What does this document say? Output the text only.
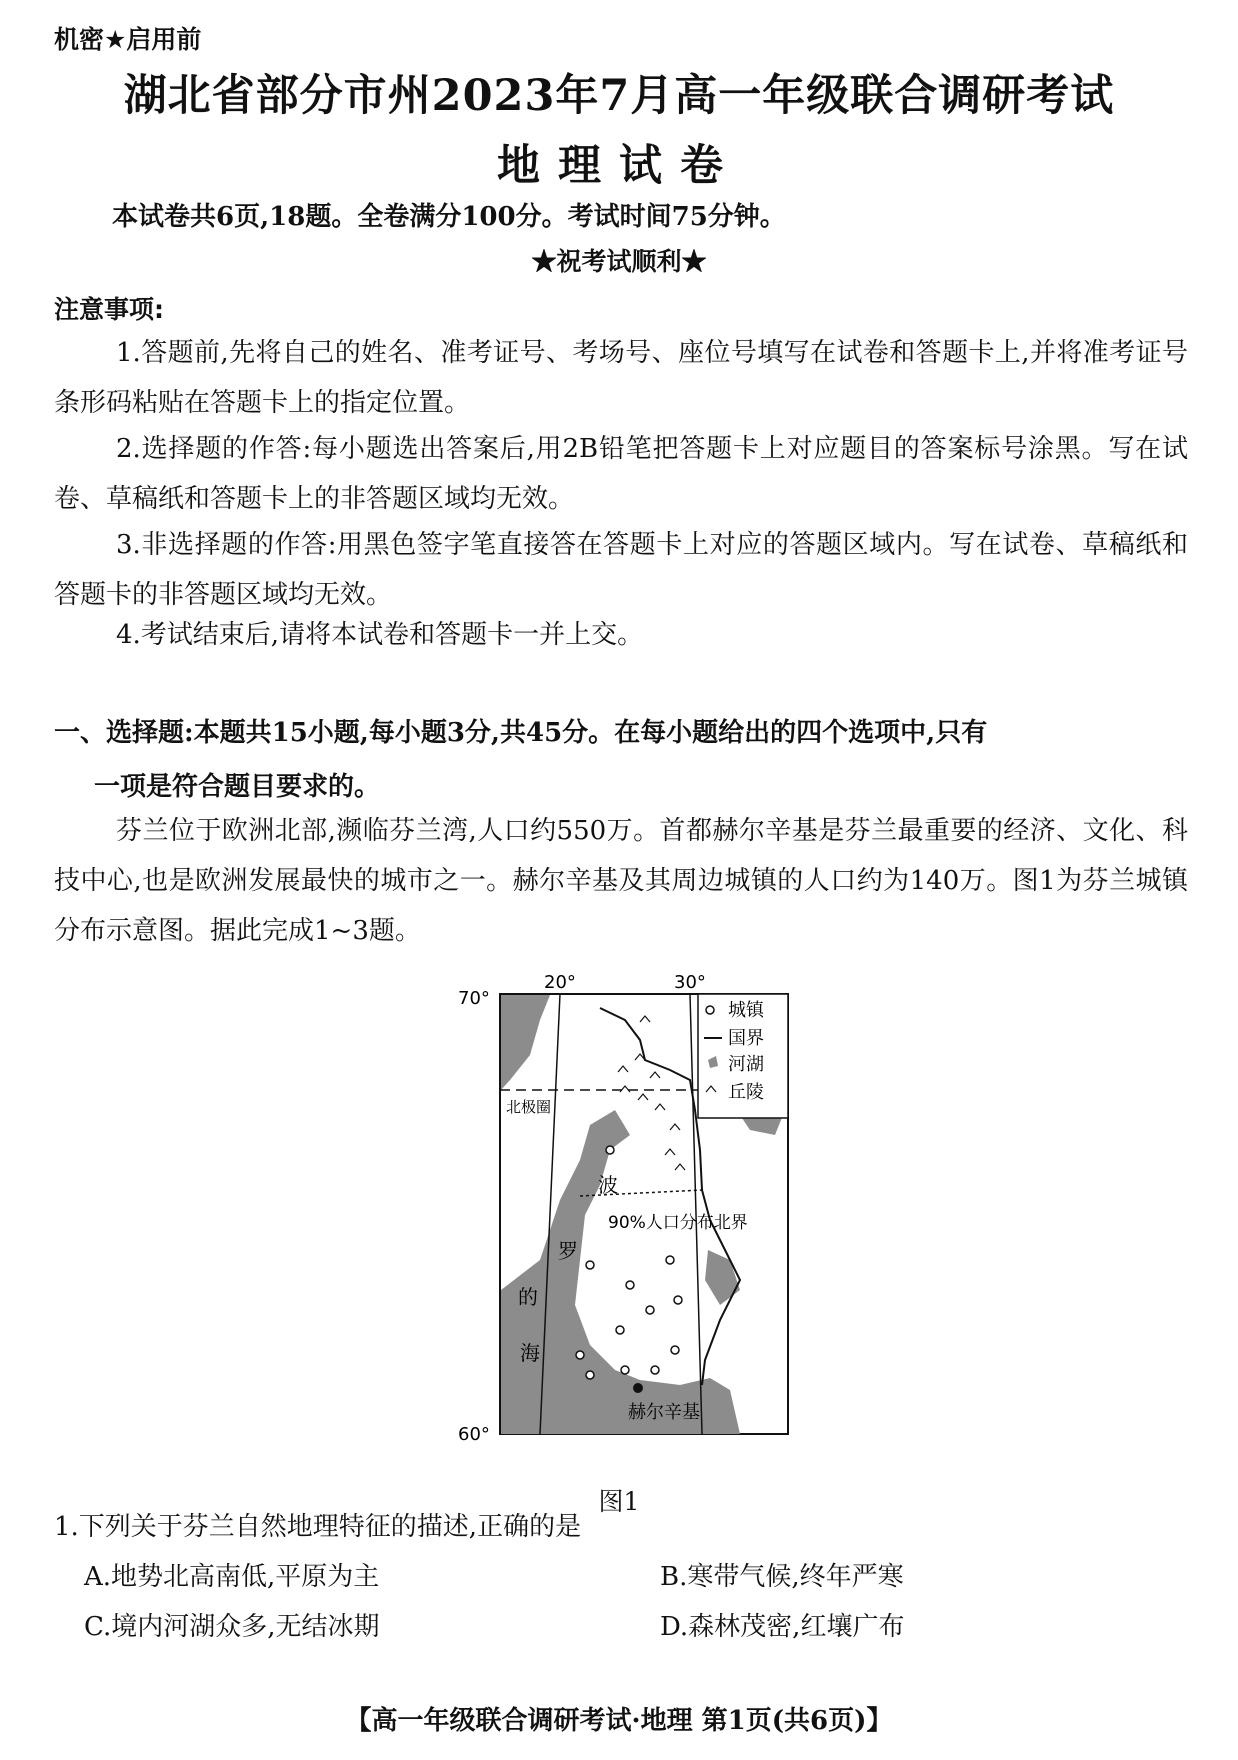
机密★启用前
湖北省部分市州2023年7月高一年级联合调研考试
地理试卷
本试卷共6页,18题。全卷满分100分。考试时间75分钟。
★祝考试顺利★
注意事项:
1.答题前,先将自己的姓名、准考证号、考场号、座位号填写在试卷和答题卡上,并将准考证号条形码粘贴在答题卡上的指定位置。
2.选择题的作答:每小题选出答案后,用2B铅笔把答题卡上对应题目的答案标号涂黑。写在试卷、草稿纸和答题卡上的非答题区域均无效。
3.非选择题的作答:用黑色签字笔直接答在答题卡上对应的答题区域内。写在试卷、草稿纸和答题卡的非答题区域均无效。
4.考试结束后,请将本试卷和答题卡一并上交。
一、选择题:本题共15小题,每小题3分,共45分。在每小题给出的四个选项中,只有
一项是符合题目要求的。
芬兰位于欧洲北部,濒临芬兰湾,人口约550万。首都赫尔辛基是芬兰最重要的经济、文化、科技中心,也是欧洲发展最快的城市之一。赫尔辛基及其周边城镇的人口约为140万。图1为芬兰城镇分布示意图。据此完成1~3题。
城镇
国界
河湖
丘陵
20°	30°
70°
60°
北极圈
90%人口分布北界
波
罗
的
海
赫尔辛基
图1
1.下列关于芬兰自然地理特征的描述,正确的是
A.地势北高南低,平原为主	B.寒带气候,终年严寒
C.境内河湖众多,无结冰期	D.森林茂密,红壤广布
【高一年级联合调研考试·地理 第1页(共6页)】
